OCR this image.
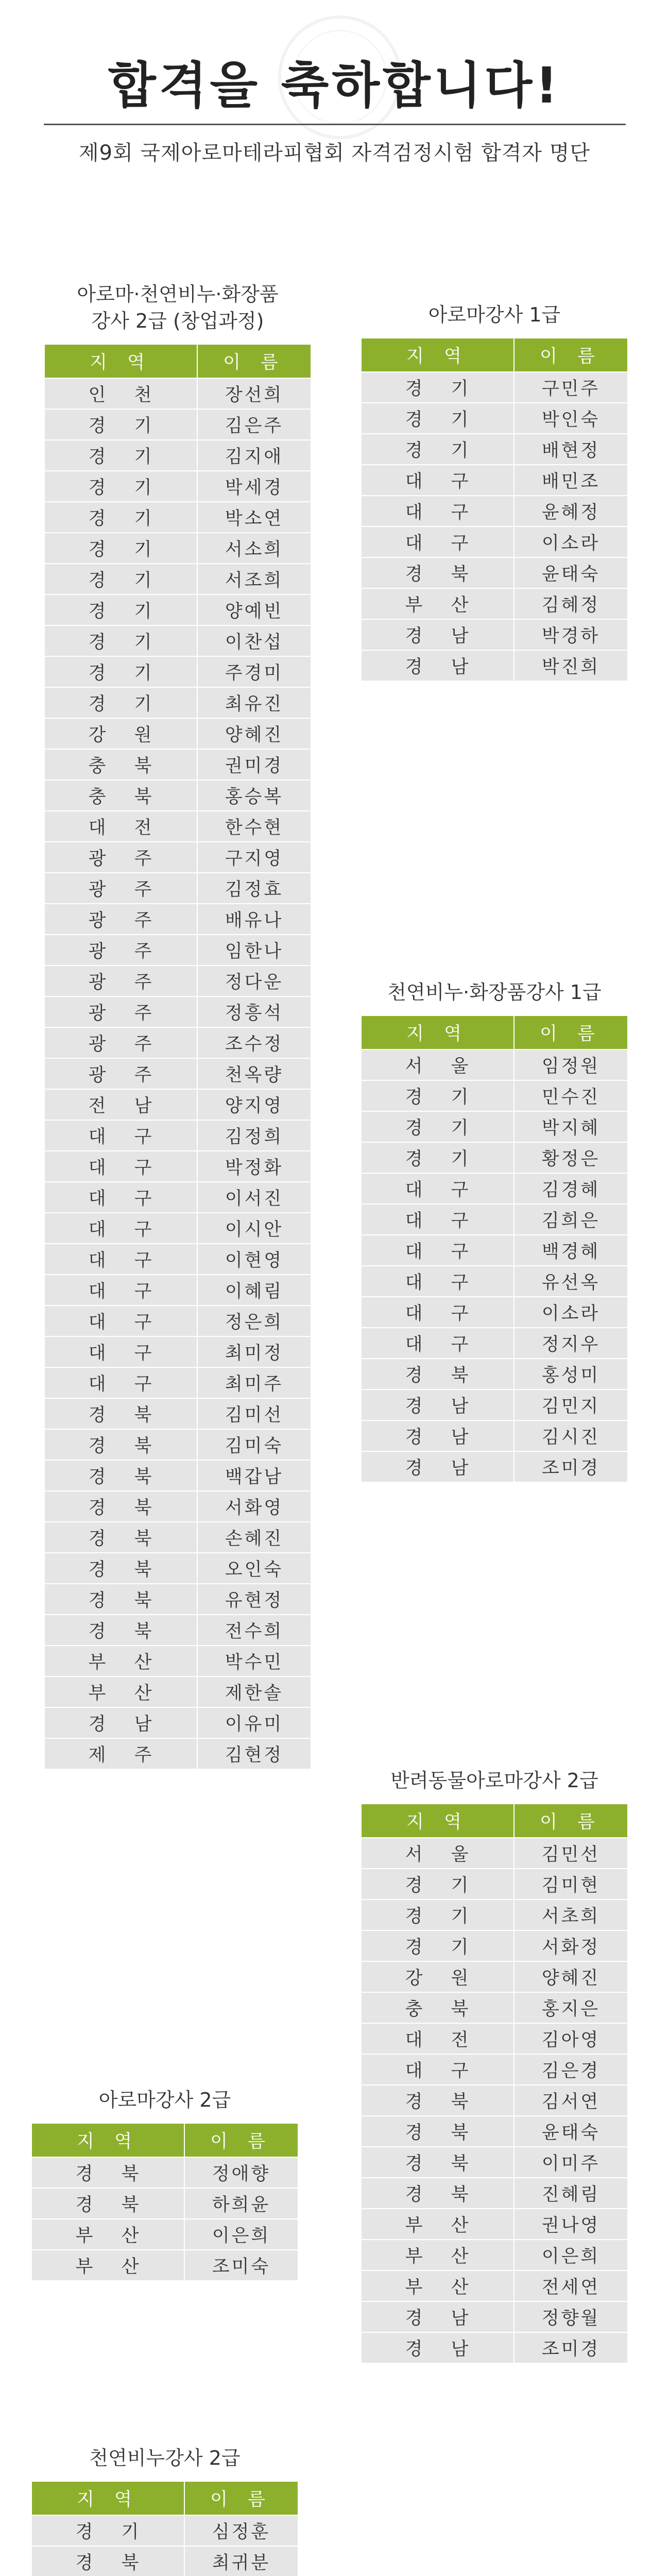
합격을 축하합니다!
제9회 국제아로마테라피협회 자격검정시험 합격자 명단
아로마·천연비누·화장품
강사 2급 (창업과정)
지 역	이 름
인 천	장선희
경 기	김은주
경 기	김지애
경 기	박세경
경 기	박소연
경 기	서소희
경 기	서조희
경 기	양예빈
경 기	이찬섭
경 기	주경미
경 기	최유진
강 원	양혜진
충 북	권미경
충 북	홍승복
대 전	한수현
광 주	구지영
광 주	김정효
광 주	배유나
광 주	임한나
광 주	정다운
광 주	정흥석
광 주	조수정
광 주	천옥량
전 남	양지영
대 구	김정희
대 구	박정화
대 구	이서진
대 구	이시안
대 구	이현영
대 구	이혜림
대 구	정은희
대 구	최미정
대 구	최미주
경 북	김미선
경 북	김미숙
경 북	백갑남
경 북	서화영
경 북	손혜진
경 북	오인숙
경 북	유현정
경 북	전수희
부 산	박수민
부 산	제한솔
경 남	이유미
제 주	김현정
아로마강사 1급
지 역	이 름
경 기	구민주
경 기	박인숙
경 기	배현정
대 구	배민조
대 구	윤혜정
대 구	이소라
경 북	윤태숙
부 산	김혜정
경 남	박경하
경 남	박진희
천연비누·화장품강사 1급
지 역	이 름
서 울	임정원
경 기	민수진
경 기	박지혜
경 기	황정은
대 구	김경혜
대 구	김희은
대 구	백경혜
대 구	유선옥
대 구	이소라
대 구	정지우
경 북	홍성미
경 남	김민지
경 남	김시진
경 남	조미경
반려동물아로마강사 2급
지 역	이 름
서 울	김민선
경 기	김미현
경 기	서초희
경 기	서화정
강 원	양혜진
충 북	홍지은
대 전	김아영
대 구	김은경
경 북	김서연
경 북	윤태숙
경 북	이미주
경 북	진혜림
부 산	권나영
부 산	이은희
부 산	전세연
경 남	정향월
경 남	조미경
아로마강사 2급
지 역	이 름
경 북	정애향
경 북	하희윤
부 산	이은희
부 산	조미숙
천연비누강사 2급
지 역	이 름
경 기	심정훈
경 북	최귀분
